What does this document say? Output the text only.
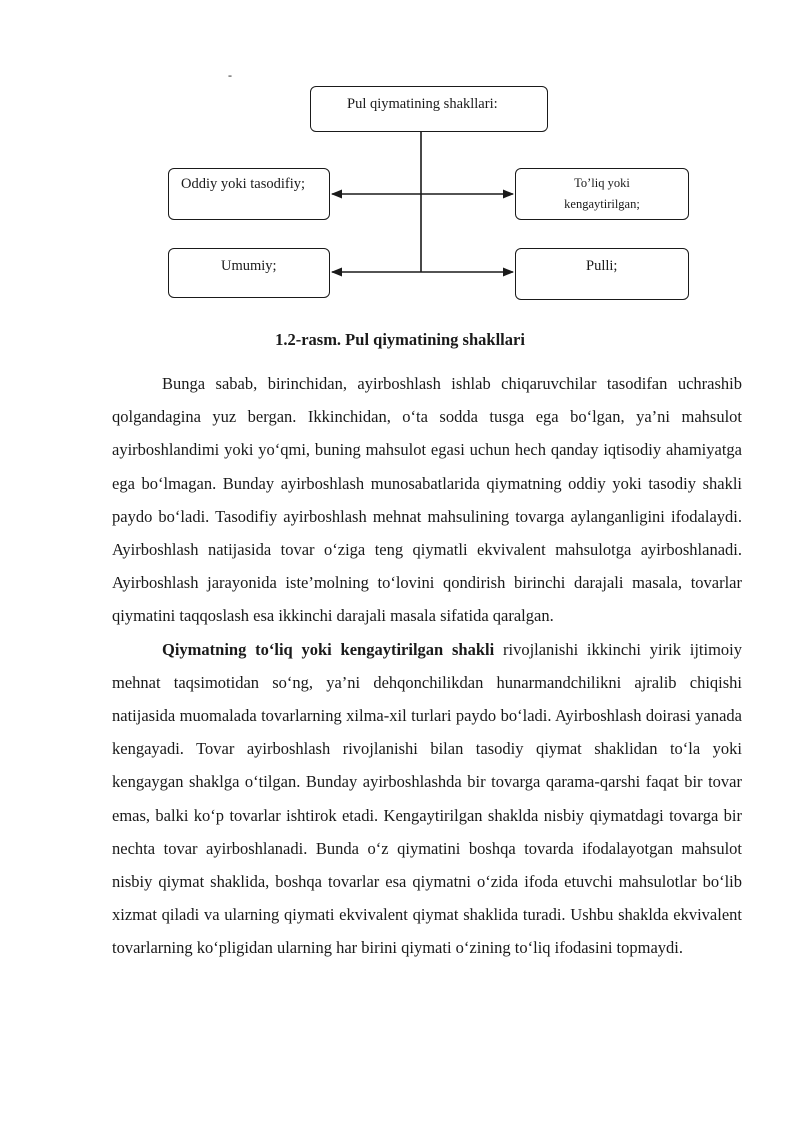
-
Pul qiymatining shakllari:
Oddiy yoki tasodifiy;	To’liq yoki
kengaytirilgan;
Umumiy;	Pulli;
1.2-rasm. Pul qiymatining shakllari

Bunga sabab, birinchidan, ayirboshlash ishlab chiqaruvchilar tasodifan uchrashib qolgandagina yuz bergan. Ikkinchidan, o‘ta sodda tusga ega bo‘lgan, ya’ni mahsulot ayirboshlandimi yoki yo‘qmi, buning mahsulot egasi uchun hech qanday iqtisodiy ahamiyatga ega bo‘lmagan. Bunday ayirboshlash munosabatlarida qiymatning oddiy yoki tasodiy shakli paydo bo‘ladi. Tasodifiy ayirboshlash mehnat mahsulining tovarga aylanganligini ifodalaydi. Ayirboshlash natijasida tovar o‘ziga teng qiymatli ekvivalent mahsulotga ayirboshlanadi. Ayirboshlash jarayonida iste’molning to‘lovini qondirish birinchi darajali masala, tovarlar qiymatini taqqoslash esa ikkinchi darajali masala sifatida qaralgan.

Qiymatning to‘liq yoki kengaytirilgan shakli rivojlanishi ikkinchi yirik ijtimoiy mehnat taqsimotidan so‘ng, ya’ni dehqonchilikdan hunarmandchilikni ajralib chiqishi natijasida muomalada tovarlarning xilma-xil turlari paydo bo‘ladi. Ayirboshlash doirasi yanada kengayadi. Tovar ayirboshlash rivojlanishi bilan tasodiy qiymat shaklidan to‘la yoki kengaygan shaklga o‘tilgan. Bunday ayirboshlashda bir tovarga qarama-qarshi faqat bir tovar emas, balki ko‘p tovarlar ishtirok etadi. Kengaytirilgan shaklda nisbiy qiymatdagi tovarga bir nechta tovar ayirboshlanadi. Bunda o‘z qiymatini boshqa tovarda ifodalayotgan mahsulot nisbiy qiymat shaklida, boshqa tovarlar esa qiymatni o‘zida ifoda etuvchi mahsulotlar bo‘lib xizmat qiladi va ularning qiymati ekvivalent qiymat shaklida turadi. Ushbu shaklda ekvivalent tovarlarning ko‘pligidan ularning har birini qiymati o‘zining to‘liq ifodasini topmaydi.
